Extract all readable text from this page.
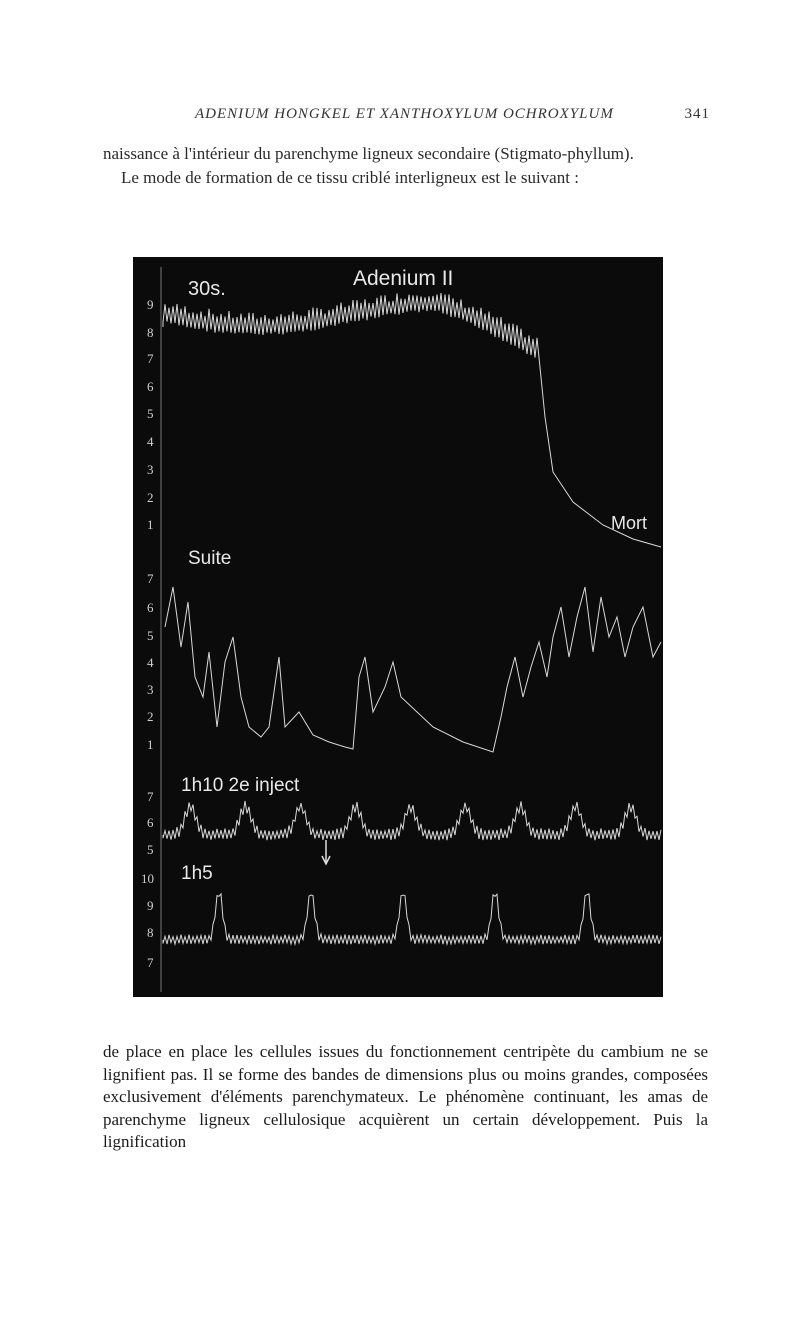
ADENIUM HONGKEL ET XANTHOXYLUM OCHROXYLUM	341

naissance à l'intérieur du parenchyme ligneux secondaire (Stigmato-phyllum).

Le mode de formation de ce tissu criblé interligneux est le suivant :

9
8
7
6
5
4
3
2
1
7
6
5
4
3
2
1
7
6
5
10
9
8
7
30s.	Adenium II
Mort
Suite
1h10 2e inject
1h5

de place en place les cellules issues du fonctionnement centripète du cambium ne se lignifient pas. Il se forme des bandes de dimensions plus ou moins grandes, composées exclusivement d'éléments parenchymateux. Le phénomène continuant, les amas de parenchyme ligneux cellulosique acquièrent un certain développement. Puis la lignification
